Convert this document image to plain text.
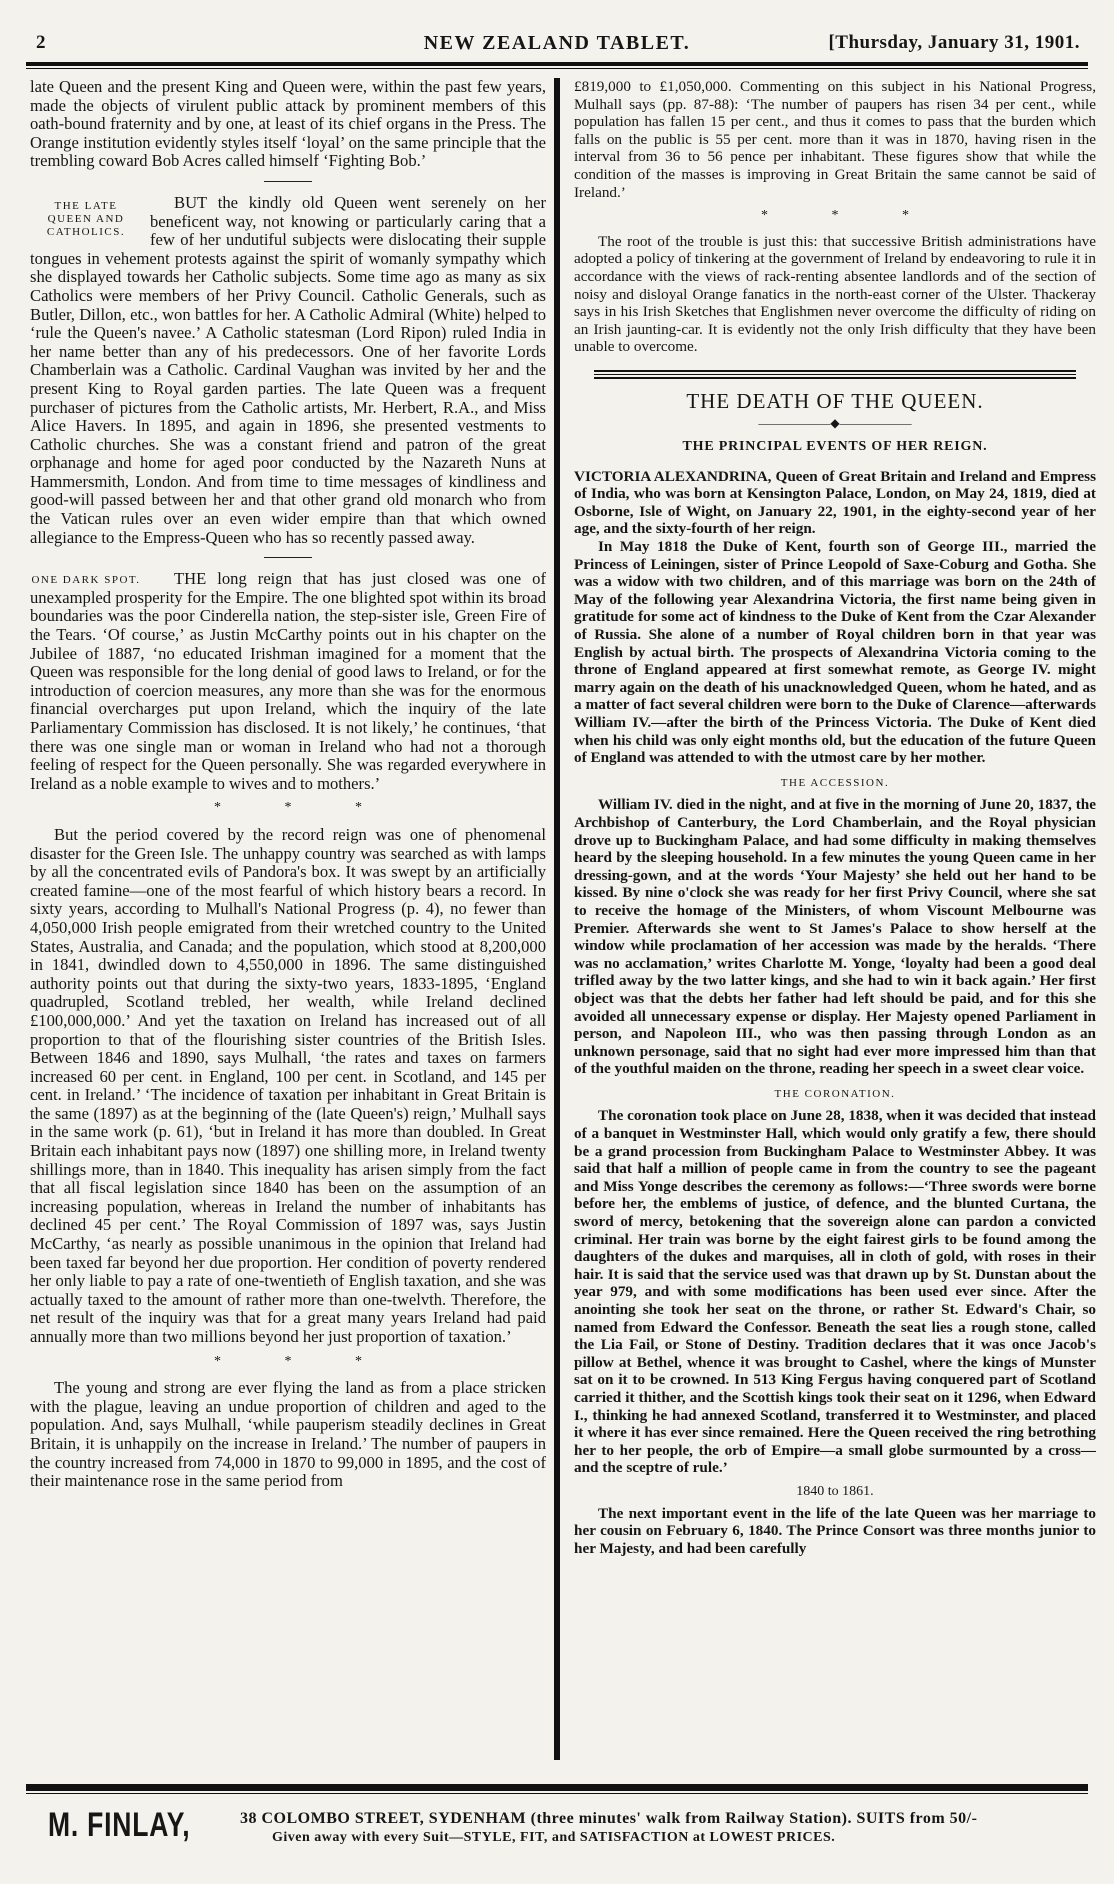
2	NEW ZEALAND TABLET.	[Thursday, January 31, 1901.

late Queen and the present King and Queen were, within the past few years, made the objects of virulent public attack by prominent members of this oath-bound fraternity and by one, at least of its chief organs in the Press. The Orange institution evidently styles itself ‘loyal’ on the same principle that the trembling coward Bob Acres called himself ‘Fighting Bob.’

THE LATE
QUEEN AND
CATHOLICS.

BUT the kindly old Queen went serenely on her beneficent way, not knowing or particularly caring that a few of her undutiful subjects were dislocating their supple tongues in vehement protests against the spirit of womanly sympathy which she displayed towards her Catholic subjects. Some time ago as many as six Catholics were members of her Privy Council. Catholic Generals, such as Butler, Dillon, etc., won battles for her. A Catholic Admiral (White) helped to ‘rule the Queen's navee.’ A Catholic statesman (Lord Ripon) ruled India in her name better than any of his predecessors. One of her favorite Lords Chamberlain was a Catholic. Cardinal Vaughan was invited by her and the present King to Royal garden parties. The late Queen was a frequent purchaser of pictures from the Catholic artists, Mr. Herbert, R.A., and Miss Alice Havers. In 1895, and again in 1896, she presented vestments to Catholic churches. She was a constant friend and patron of the great orphanage and home for aged poor conducted by the Nazareth Nuns at Hammersmith, London. And from time to time messages of kindliness and good-will passed between her and that other grand old monarch who from the Vatican rules over an even wider empire than that which owned allegiance to the Empress-Queen who has so recently passed away.

ONE DARK SPOT.	THE long reign that has just closed was one of unexampled prosperity for the Empire. The one blighted spot within its broad boundaries was the poor Cinderella nation, the step-sister isle, Green Fire of the Tears. ‘Of course,’ as Justin McCarthy points out in his chapter on the Jubilee of 1887, ‘no educated Irishman imagined for a moment that the Queen was responsible for the long denial of good laws to Ireland, or for the introduction of coercion measures, any more than she was for the enormous financial overcharges put upon Ireland, which the inquiry of the late Parliamentary Commission has disclosed. It is not likely,’ he continues, ‘that there was one single man or woman in Ireland who had not a thorough feeling of respect for the Queen personally. She was regarded everywhere in Ireland as a noble example to wives and to mothers.’

* * *

But the period covered by the record reign was one of phenomenal disaster for the Green Isle. The unhappy country was searched as with lamps by all the concentrated evils of Pandora's box. It was swept by an artificially created famine—one of the most fearful of which history bears a record. In sixty years, according to Mulhall's National Progress (p. 4), no fewer than 4,050,000 Irish people emigrated from their wretched country to the United States, Australia, and Canada; and the population, which stood at 8,200,000 in 1841, dwindled down to 4,550,000 in 1896. The same distinguished authority points out that during the sixty-two years, 1833-1895, ‘England quadrupled, Scotland trebled, her wealth, while Ireland declined £100,000,000.’ And yet the taxation on Ireland has increased out of all proportion to that of the flourishing sister countries of the British Isles. Between 1846 and 1890, says Mulhall, ‘the rates and taxes on farmers increased 60 per cent. in England, 100 per cent. in Scotland, and 145 per cent. in Ireland.’ ‘The incidence of taxation per inhabitant in Great Britain is the same (1897) as at the beginning of the (late Queen's) reign,’ Mulhall says in the same work (p. 61), ‘but in Ireland it has more than doubled. In Great Britain each inhabitant pays now (1897) one shilling more, in Ireland twenty shillings more, than in 1840. This inequality has arisen simply from the fact that all fiscal legislation since 1840 has been on the assumption of an increasing population, whereas in Ireland the number of inhabitants has declined 45 per cent.’ The Royal Commission of 1897 was, says Justin McCarthy, ‘as nearly as possible unanimous in the opinion that Ireland had been taxed far beyond her due proportion. Her condition of poverty rendered her only liable to pay a rate of one-twentieth of English taxation, and she was actually taxed to the amount of rather more than one-twelvth. Therefore, the net result of the inquiry was that for a great many years Ireland had paid annually more than two millions beyond her just proportion of taxation.’

* * *

The young and strong are ever flying the land as from a place stricken with the plague, leaving an undue proportion of children and aged to the population. And, says Mulhall, ‘while pauperism steadily declines in Great Britain, it is unhappily on the increase in Ireland.’ The number of paupers in the country increased from 74,000 in 1870 to 99,000 in 1895, and the cost of their maintenance rose in the same period from

£819,000 to £1,050,000. Commenting on this subject in his National Progress, Mulhall says (pp. 87-88): ‘The number of paupers has risen 34 per cent., while population has fallen 15 per cent., and thus it comes to pass that the burden which falls on the public is 55 per cent. more than it was in 1870, having risen in the interval from 36 to 56 pence per inhabitant. These figures show that while the condition of the masses is improving in Great Britain the same cannot be said of Ireland.’

* * *

The root of the trouble is just this: that successive British administrations have adopted a policy of tinkering at the government of Ireland by endeavoring to rule it in accordance with the views of rack-renting absentee landlords and of the section of noisy and disloyal Orange fanatics in the north-east corner of the Ulster. Thackeray says in his Irish Sketches that Englishmen never overcome the difficulty of riding on an Irish jaunting-car. It is evidently not the only Irish difficulty that they have been unable to overcome.

THE DEATH OF THE QUEEN.
——————◆——————
THE PRINCIPAL EVENTS OF HER REIGN.

VICTORIA ALEXANDRINA, Queen of Great Britain and Ireland and Empress of India, who was born at Kensington Palace, London, on May 24, 1819, died at Osborne, Isle of Wight, on January 22, 1901, in the eighty-second year of her age, and the sixty-fourth of her reign.

In May 1818 the Duke of Kent, fourth son of George III., married the Princess of Leiningen, sister of Prince Leopold of Saxe-Coburg and Gotha. She was a widow with two children, and of this marriage was born on the 24th of May of the following year Alexandrina Victoria, the first name being given in gratitude for some act of kindness to the Duke of Kent from the Czar Alexander of Russia. She alone of a number of Royal children born in that year was English by actual birth. The prospects of Alexandrina Victoria coming to the throne of England appeared at first somewhat remote, as George IV. might marry again on the death of his unacknowledged Queen, whom he hated, and as a matter of fact several children were born to the Duke of Clarence—afterwards William IV.—after the birth of the Princess Victoria. The Duke of Kent died when his child was only eight months old, but the education of the future Queen of England was attended to with the utmost care by her mother.

THE ACCESSION.

William IV. died in the night, and at five in the morning of June 20, 1837, the Archbishop of Canterbury, the Lord Chamberlain, and the Royal physician drove up to Buckingham Palace, and had some difficulty in making themselves heard by the sleeping household. In a few minutes the young Queen came in her dressing-gown, and at the words ‘Your Majesty’ she held out her hand to be kissed. By nine o'clock she was ready for her first Privy Council, where she sat to receive the homage of the Ministers, of whom Viscount Melbourne was Premier. Afterwards she went to St James's Palace to show herself at the window while proclamation of her accession was made by the heralds. ‘There was no acclamation,’ writes Charlotte M. Yonge, ‘loyalty had been a good deal trifled away by the two latter kings, and she had to win it back again.’ Her first object was that the debts her father had left should be paid, and for this she avoided all unnecessary expense or display. Her Majesty opened Parliament in person, and Napoleon III., who was then passing through London as an unknown personage, said that no sight had ever more impressed him than that of the youthful maiden on the throne, reading her speech in a sweet clear voice.

THE CORONATION.

The coronation took place on June 28, 1838, when it was decided that instead of a banquet in Westminster Hall, which would only gratify a few, there should be a grand procession from Buckingham Palace to Westminster Abbey. It was said that half a million of people came in from the country to see the pageant and Miss Yonge describes the ceremony as follows:—‘Three swords were borne before her, the emblems of justice, of defence, and the blunted Curtana, the sword of mercy, betokening that the sovereign alone can pardon a convicted criminal. Her train was borne by the eight fairest girls to be found among the daughters of the dukes and marquises, all in cloth of gold, with roses in their hair. It is said that the service used was that drawn up by St. Dunstan about the year 979, and with some modifications has been used ever since. After the anointing she took her seat on the throne, or rather St. Edward's Chair, so named from Edward the Confessor. Beneath the seat lies a rough stone, called the Lia Fail, or Stone of Destiny. Tradition declares that it was once Jacob's pillow at Bethel, whence it was brought to Cashel, where the kings of Munster sat on it to be crowned. In 513 King Fergus having conquered part of Scotland carried it thither, and the Scottish kings took their seat on it 1296, when Edward I., thinking he had annexed Scotland, transferred it to Westminster, and placed it where it has ever since remained. Here the Queen received the ring betrothing her to her people, the orb of Empire—a small globe surmounted by a cross—and the sceptre of rule.’

1840 to 1861.

The next important event in the life of the late Queen was her marriage to her cousin on February 6, 1840. The Prince Consort was three months junior to her Majesty, and had been carefully

M. FINLAY,	38 COLOMBO STREET, SYDENHAM (three minutes' walk from Railway Station). SUITS from 50/-
Given away with every Suit—STYLE, FIT, and SATISFACTION at LOWEST PRICES.
